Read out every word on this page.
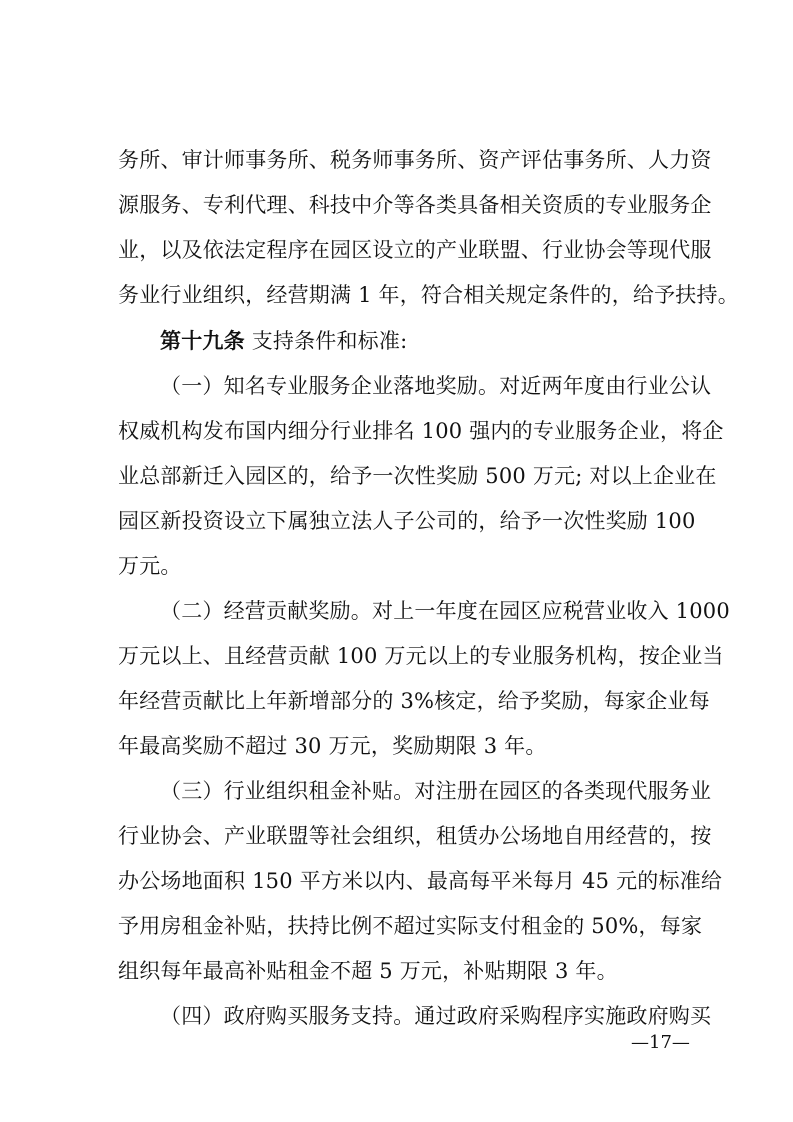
务所、审计师事务所、税务师事务所、资产评估事务所、人力资
源服务、专利代理、科技中介等各类具备相关资质的专业服务企
业，以及依法定程序在园区设立的产业联盟、行业协会等现代服
务业行业组织，经营期满 1 年，符合相关规定条件的，给予扶持。
第十九条 支持条件和标准:
（一）知名专业服务企业落地奖励。对近两年度由行业公认
权威机构发布国内细分行业排名 100 强内的专业服务企业，将企
业总部新迁入园区的，给予一次性奖励 500 万元; 对以上企业在
园区新投资设立下属独立法人子公司的，给予一次性奖励 100
万元。
（二）经营贡献奖励。对上一年度在园区应税营业收入 1000
万元以上、且经营贡献 100 万元以上的专业服务机构，按企业当
年经营贡献比上年新增部分的 3%核定，给予奖励，每家企业每
年最高奖励不超过 30 万元，奖励期限 3 年。
（三）行业组织租金补贴。对注册在园区的各类现代服务业
行业协会、产业联盟等社会组织，租赁办公场地自用经营的，按
办公场地面积 150 平方米以内、最高每平米每月 45 元的标准给
予用房租金补贴，扶持比例不超过实际支付租金的 50%，每家
组织每年最高补贴租金不超 5 万元，补贴期限 3 年。
（四）政府购买服务支持。通过政府采购程序实施政府购买
—17—
